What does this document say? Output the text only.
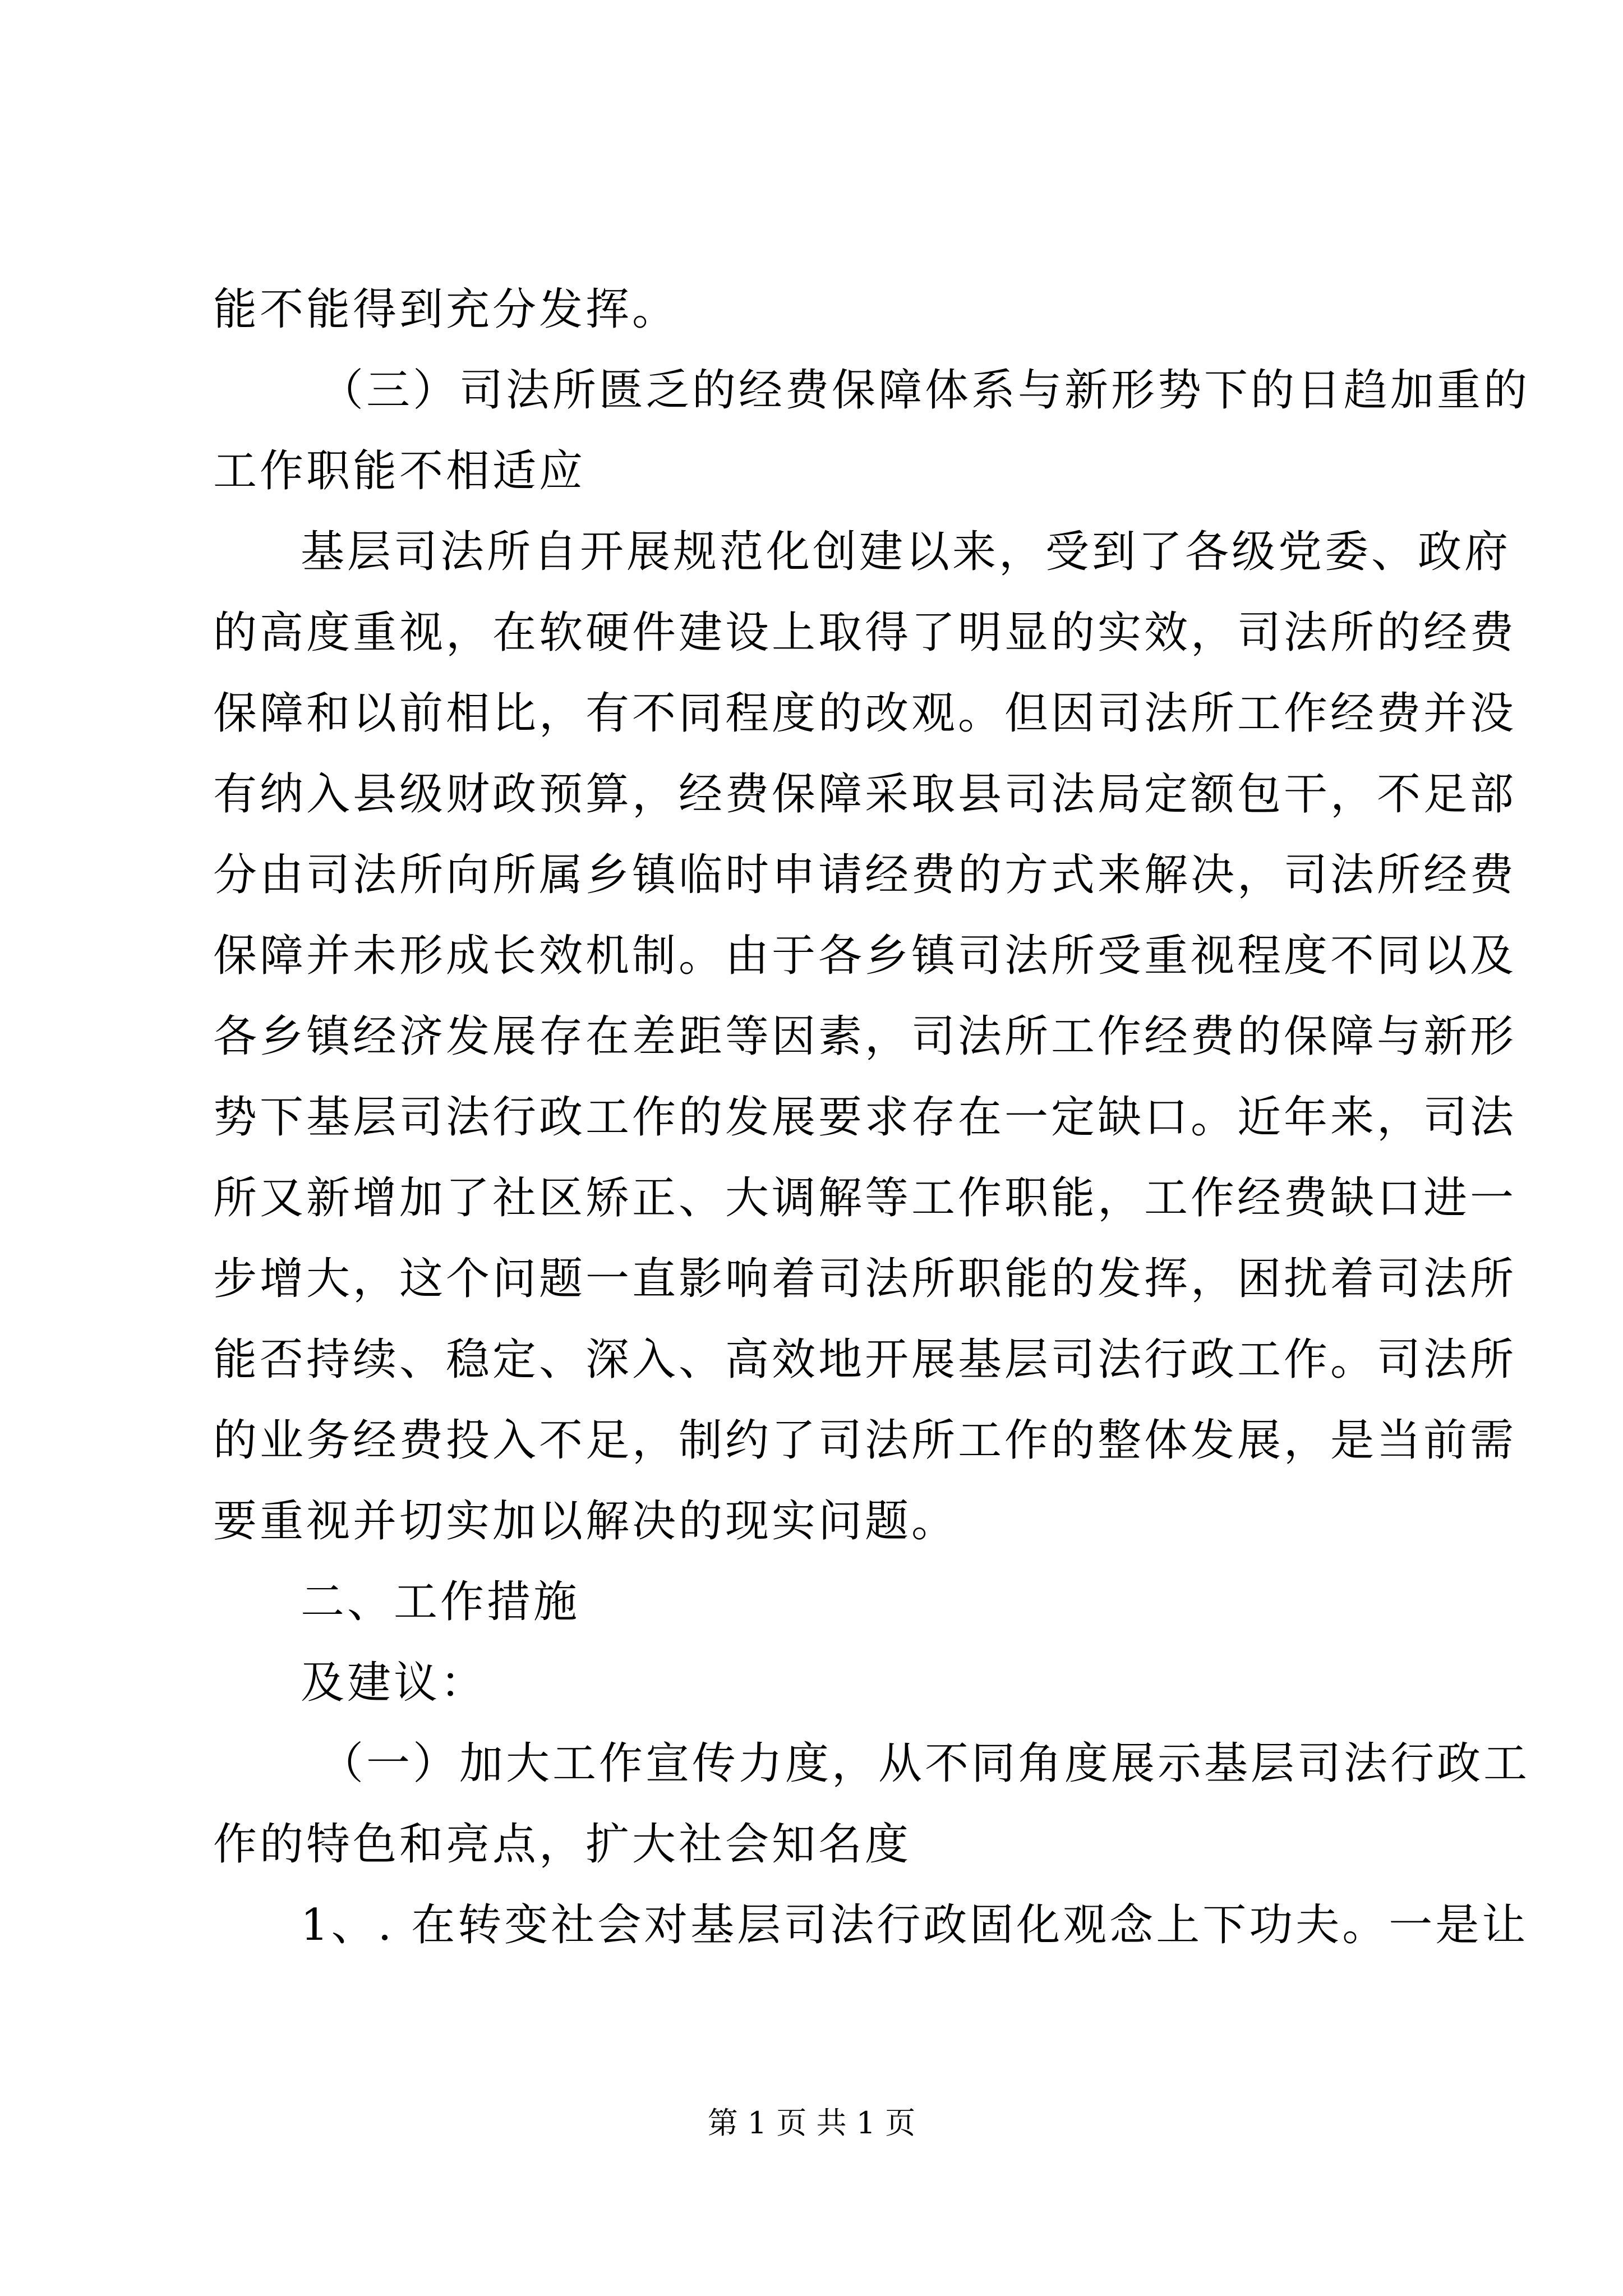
能不能得到充分发挥。
（三）司法所匮乏的经费保障体系与新形势下的日趋加重的
工作职能不相适应
基层司法所自开展规范化创建以来，受到了各级党委、政府
的高度重视，在软硬件建设上取得了明显的实效，司法所的经费
保障和以前相比，有不同程度的改观。但因司法所工作经费并没
有纳入县级财政预算，经费保障采取县司法局定额包干，不足部
分由司法所向所属乡镇临时申请经费的方式来解决，司法所经费
保障并未形成长效机制。由于各乡镇司法所受重视程度不同以及
各乡镇经济发展存在差距等因素，司法所工作经费的保障与新形
势下基层司法行政工作的发展要求存在一定缺口。近年来，司法
所又新增加了社区矫正、大调解等工作职能，工作经费缺口进一
步增大，这个问题一直影响着司法所职能的发挥，困扰着司法所
能否持续、稳定、深入、高效地开展基层司法行政工作。司法所
的业务经费投入不足，制约了司法所工作的整体发展，是当前需
要重视并切实加以解决的现实问题。
二、工作措施
及建议：
（一）加大工作宣传力度，从不同角度展示基层司法行政工
作的特色和亮点，扩大社会知名度
1、. 在转变社会对基层司法行政固化观念上下功夫。一是让
第 1 页 共 1 页
